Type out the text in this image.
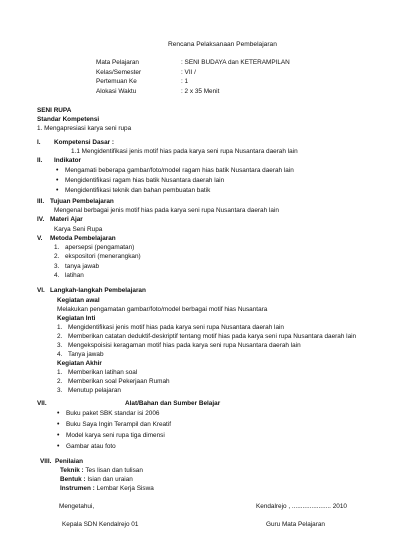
Rencana Pelaksanaan Pembelajaran
Mata Pelajaran	: SENI BUDAYA dan KETERAMPILAN
Kelas/Semester	: VII /
Pertemuan Ke	: 1
Alokasi Waktu	: 2 x 35 Menit
SENI RUPA
Standar Kompetensi
1. Mengapresiasi karya seni rupa
I. Kompetensi Dasar :
1.1 Mengidentifikasi jenis motif hias pada karya seni rupa Nusantara daerah lain
II. Indikator
• Mengamati beberapa gambar/foto/model ragam hias batik Nusantara daerah lain
• Mengidentifikasi ragam hias batik Nusantara daerah lain
• Mengidentifikasi teknik dan bahan pembuatan batik
III. Tujuan Pembelajaran
Mengenal berbagai jenis motif hias pada karya seni rupa Nusantara daerah lain
IV. Materi Ajar
Karya Seni Rupa
V. Metoda Pembelajaran
1. apersepsi (pengamatan)
2. ekspositori (menerangkan)
3. tanya jawab
4. latihan
VI. Langkah-langkah Pembelajaran
Kegiatan awal
Melakukan pengamatan gambar/foto/model berbagai motif hias Nusantara
Kegiatan Inti
1. Mengidentifikasi jenis motif hias pada karya seni rupa Nusantara daerah lain
2. Memberikan catatan deduktif-deskriptif tentang motif hias pada karya seni rupa Nusantara daerah lain
3. Mengekspoisisi keragaman motif hias pada karya seni rupa Nusantara daerah lain
4. Tanya jawab
Kegiatan Akhir
1. Memberikan latihan soal
2. Memberikan soal Pekerjaan Rumah
3. Menutup pelajaran
VII.	Alat/Bahan dan Sumber Belajar
• Buku paket SBK standar isi 2006
• Buku Saya Ingin Terampil dan Kreatif
• Model karya seni rupa tiga dimensi
• Gambar atau foto
VIII. Penilaian
Teknik : Tes lisan dan tulisan
Bentuk : Isian dan uraian
Instrumen : Lembar Kerja Siswa
Mengetahui,	Kendalrejo , ...................... 2010
Kepala SDN Kendalrejo 01	Guru Mata Pelajaran
